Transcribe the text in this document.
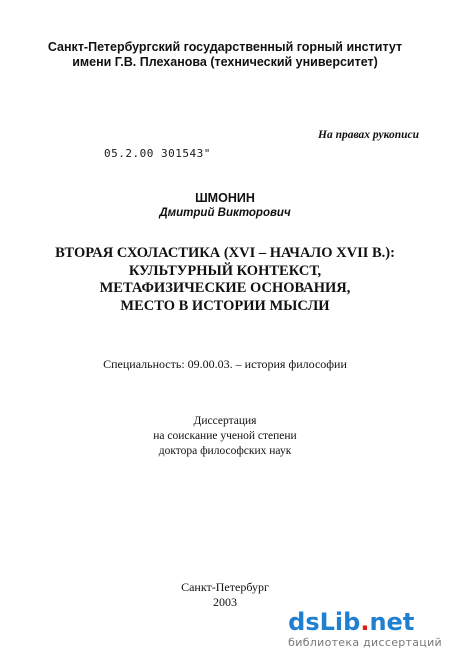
Санкт-Петербургский государственный горный институт
имени Г.В. Плеханова (технический университет)
На правах рукописи
05.2.00 301543"
ШМОНИН
Дмитрий Викторович
ВТОРАЯ СХОЛАСТИКА (XVI – НАЧАЛО XVII В.):
КУЛЬТУРНЫЙ КОНТЕКСТ,
МЕТАФИЗИЧЕСКИЕ ОСНОВАНИЯ,
МЕСТО В ИСТОРИИ МЫСЛИ
Специальность: 09.00.03. – история философии
Диссертация
на соискание ученой степени
доктора философских наук
Санкт-Петербург
2003
dsLib.net
библиотека диссертаций
